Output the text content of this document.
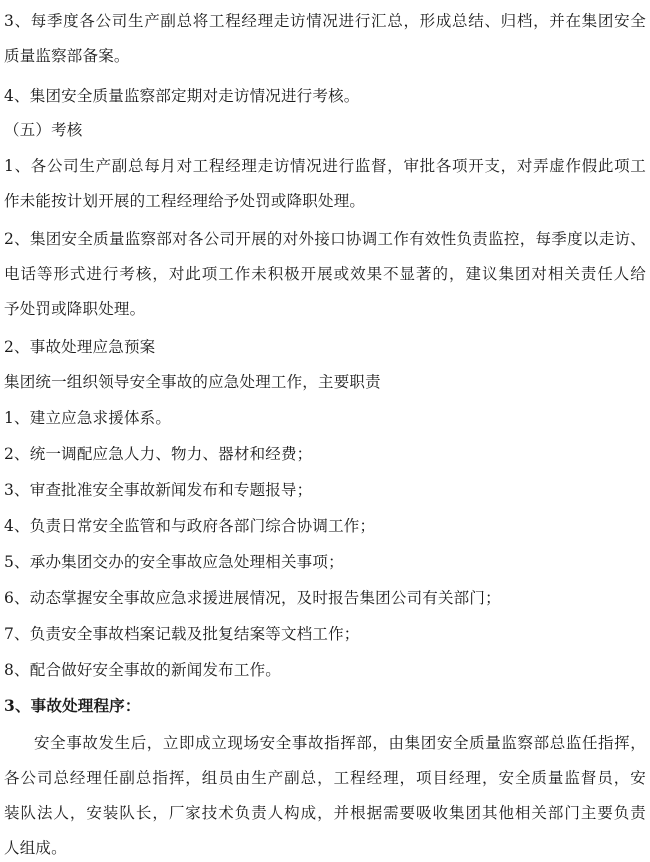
3、每季度各公司生产副总将工程经理走访情况进行汇总，形成总结、归档，并在集团安全
质量监察部备案。
4、集团安全质量监察部定期对走访情况进行考核。
（五）考核
1、各公司生产副总每月对工程经理走访情况进行监督，审批各项开支，对弄虚作假此项工
作未能按计划开展的工程经理给予处罚或降职处理。
2、集团安全质量监察部对各公司开展的对外接口协调工作有效性负责监控，每季度以走访、
电话等形式进行考核，对此项工作未积极开展或效果不显著的，建议集团对相关责任人给
予处罚或降职处理。
2、事故处理应急预案
集团统一组织领导安全事故的应急处理工作，主要职责
1、建立应急求援体系。
2、统一调配应急人力、物力、器材和经费；
3、审查批准安全事故新闻发布和专题报导；
4、负责日常安全监管和与政府各部门综合协调工作；
5、承办集团交办的安全事故应急处理相关事项；
6、动态掌握安全事故应急求援进展情况，及时报告集团公司有关部门；
7、负责安全事故档案记载及批复结案等文档工作；
8、配合做好安全事故的新闻发布工作。
3、事故处理程序：
安全事故发生后，立即成立现场安全事故指挥部，由集团安全质量监察部总监任指挥，
各公司总经理任副总指挥，组员由生产副总，工程经理，项目经理，安全质量监督员，安
装队法人，安装队长，厂家技术负责人构成，并根据需要吸收集团其他相关部门主要负责
人组成。
